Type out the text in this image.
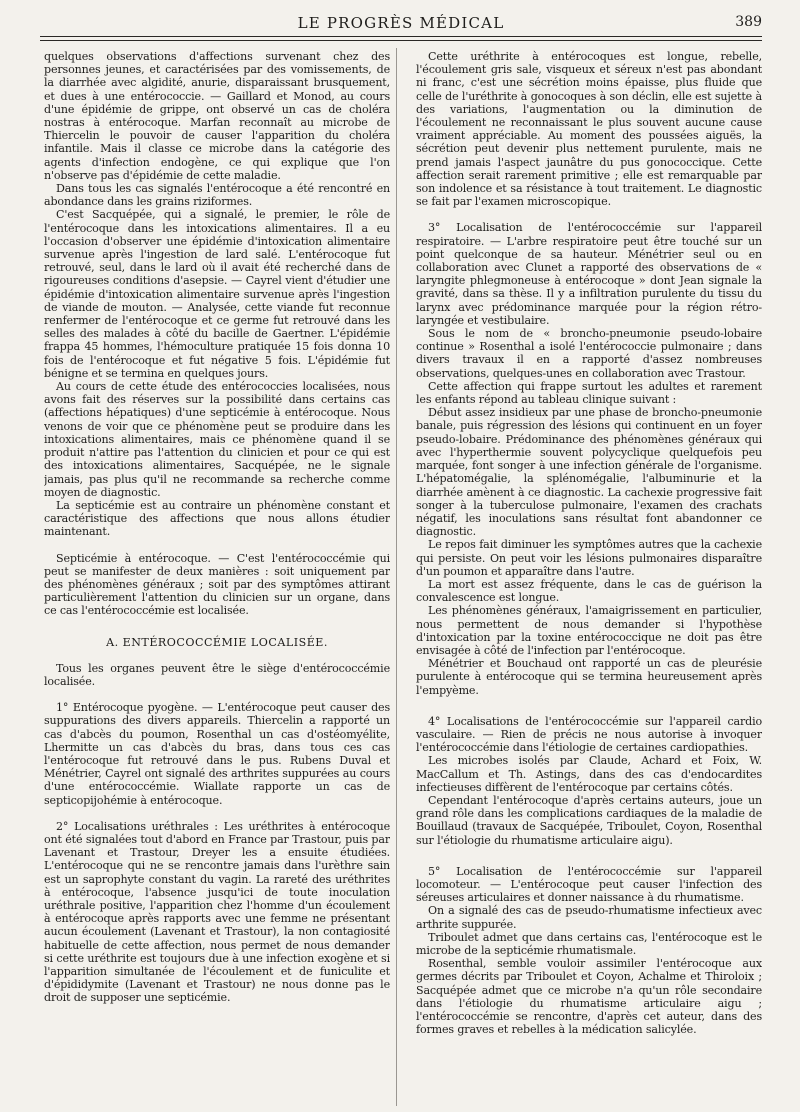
LE PROGRÈS MÉDICAL	389

quelques observations d'affections survenant chez des personnes jeunes, et caractérisées par des vomissements, de la diarrhée avec algidité, anurie, disparaissant brusquement, et dues à une entérococcie. — Gaillard et Monod, au cours d'une épidémie de grippe, ont observé un cas de choléra nostras à entérocoque. Marfan reconnaît au microbe de Thiercelin le pouvoir de causer l'apparition du choléra infantile. Mais il classe ce microbe dans la catégorie des agents d'infection endogène, ce qui explique que l'on n'observe pas d'épidémie de cette maladie.

Dans tous les cas signalés l'entérocoque a été rencontré en abondance dans les grains riziformes.

C'est Sacquépée, qui a signalé, le premier, le rôle de l'entérocoque dans les intoxications alimentaires. Il a eu l'occasion d'observer une épidémie d'intoxication alimentaire survenue après l'ingestion de lard salé. L'entérocoque fut retrouvé, seul, dans le lard où il avait été recherché dans de rigoureuses conditions d'asepsie. — Cayrel vient d'étudier une épidémie d'intoxication alimentaire survenue après l'ingestion de viande de mouton. — Analysée, cette viande fut reconnue renfermer de l'entérocoque et ce germe fut retrouvé dans les selles des malades à côté du bacille de Gaertner. L'épidémie frappa 45 hommes, l'hémoculture pratiquée 15 fois donna 10 fois de l'entérocoque et fut négative 5 fois. L'épidémie fut bénigne et se termina en quelques jours.

Au cours de cette étude des entérococcies localisées, nous avons fait des réserves sur la possibilité dans certains cas (affections hépatiques) d'une septicémie à entérocoque. Nous venons de voir que ce phénomène peut se produire dans les intoxications alimentaires, mais ce phénomène quand il se produit n'attire pas l'attention du clinicien et pour ce qui est des intoxications alimentaires, Sacquépée, ne le signale jamais, pas plus qu'il ne recommande sa recherche comme moyen de diagnostic.

La septicémie est au contraire un phénomène constant et caractéristique des affections que nous allons étudier maintenant.

Septicémie à entérocoque. — C'est l'entérococcémie qui peut se manifester de deux manières : soit uniquement par des phénomènes généraux ; soit par des symptômes attirant particulièrement l'attention du clinicien sur un organe, dans ce cas l'entérococcémie est localisée.

A. ENTÉROCOCCÉMIE LOCALISÉE.

Tous les organes peuvent être le siège d'entérococcémie localisée.

1° Entérocoque pyogène. — L'entérocoque peut causer des suppurations des divers appareils. Thiercelin a rapporté un cas d'abcès du poumon, Rosenthal un cas d'ostéomyélite, Lhermitte un cas d'abcès du bras, dans tous ces cas l'entérocoque fut retrouvé dans le pus. Rubens Duval et Ménétrier, Cayrel ont signalé des arthrites suppurées au cours d'une entérococcémie. Wiallate rapporte un cas de septicopijohémie à entérocoque.

2° Localisations uréthrales : Les uréthrites à entérocoque ont été signalées tout d'abord en France par Trastour, puis par Lavenant et Trastour, Dreyer les a ensuite étudiées. L'entérocoque qui ne se rencontre jamais dans l'urèthre sain est un saprophyte constant du vagin. La rareté des uréthrites à entérocoque, l'absence jusqu'ici de toute inoculation uréthrale positive, l'apparition chez l'homme d'un écoulement à entérocoque après rapports avec une femme ne présentant aucun écoulement (Lavenant et Trastour), la non contagiosité habituelle de cette affection, nous permet de nous demander si cette uréthrite est toujours due à une infection exogène et si l'apparition simultanée de l'écoulement et de funiculite et d'épididymite (Lavenant et Trastour) ne nous donne pas le droit de supposer une septicémie.

Cette uréthrite à entérocoques est longue, rebelle, l'écoulement gris sale, visqueux et séreux n'est pas abondant ni franc, c'est une sécrétion moins épaisse, plus fluide que celle de l'uréthrite à gonocoques à son déclin, elle est sujette à des variations, l'augmentation ou la diminution de l'écoulement ne reconnaissant le plus souvent aucune cause vraiment appréciable. Au moment des poussées aiguës, la sécrétion peut devenir plus nettement purulente, mais ne prend jamais l'aspect jaunâtre du pus gonococcique. Cette affection serait rarement primitive ; elle est remarquable par son indolence et sa résistance à tout traitement. Le diagnostic se fait par l'examen microscopique.

3° Localisation de l'entérococcémie sur l'appareil respiratoire. — L'arbre respiratoire peut être touché sur un point quelconque de sa hauteur. Ménétrier seul ou en collaboration avec Clunet a rapporté des observations de « laryngite phlegmoneuse à entérocoque » dont Jean signale la gravité, dans sa thèse. Il y a infiltration purulente du tissu du larynx avec prédominance marquée pour la région rétro-laryngée et vestibulaire.

Sous le nom de « broncho-pneumonie pseudo-lobaire continue » Rosenthal a isolé l'entérococcie pulmonaire ; dans divers travaux il en a rapporté d'assez nombreuses observations, quelques-unes en collaboration avec Trastour.

Cette affection qui frappe surtout les adultes et rarement les enfants répond au tableau clinique suivant :

Début assez insidieux par une phase de broncho-pneumonie banale, puis régression des lésions qui continuent en un foyer pseudo-lobaire. Prédominance des phénomènes généraux qui avec l'hyperthermie souvent polycyclique quelquefois peu marquée, font songer à une infection générale de l'organisme. L'hépatomégalie, la splénomégalie, l'albuminurie et la diarrhée amènent à ce diagnostic. La cachexie progressive fait songer à la tuberculose pulmonaire, l'examen des crachats négatif, les inoculations sans résultat font abandonner ce diagnostic.

Le repos fait diminuer les symptômes autres que la cachexie qui persiste. On peut voir les lésions pulmonaires disparaître d'un poumon et apparaître dans l'autre.

La mort est assez fréquente, dans le cas de guérison la convalescence est longue.

Les phénomènes généraux, l'amaigrissement en particulier, nous permettent de nous demander si l'hypothèse d'intoxication par la toxine entérococcique ne doit pas être envisagée à côté de l'infection par l'entérocoque.

Ménétrier et Bouchaud ont rapporté un cas de pleurésie purulente à entérocoque qui se termina heureusement après l'empyème.

4° Localisations de l'entérococcémie sur l'appareil cardio vasculaire. — Rien de précis ne nous autorise à invoquer l'entérococcémie dans l'étiologie de certaines cardiopathies.

Les microbes isolés par Claude, Achard et Foix, W. MacCallum et Th. Astings, dans des cas d'endocardites infectieuses diffèrent de l'entérocoque par certains côtés.

Cependant l'entérocoque d'après certains auteurs, joue un grand rôle dans les complications cardiaques de la maladie de Bouillaud (travaux de Sacquépée, Triboulet, Coyon, Rosenthal sur l'étiologie du rhumatisme articulaire aigu).

5° Localisation de l'entérococcémie sur l'appareil locomoteur. — L'entérocoque peut causer l'infection des séreuses articulaires et donner naissance à du rhumatisme.

On a signalé des cas de pseudo-rhumatisme infectieux avec arthrite suppurée.

Triboulet admet que dans certains cas, l'entérocoque est le microbe de la septicémie rhumatismale.

Rosenthal, semble vouloir assimiler l'entérocoque aux germes décrits par Triboulet et Coyon, Achalme et Thiroloix ; Sacquépée admet que ce microbe n'a qu'un rôle secondaire dans l'étiologie du rhumatisme articulaire aigu ; l'entérococcémie se rencontre, d'après cet auteur, dans des formes graves et rebelles à la médication salicylée.
